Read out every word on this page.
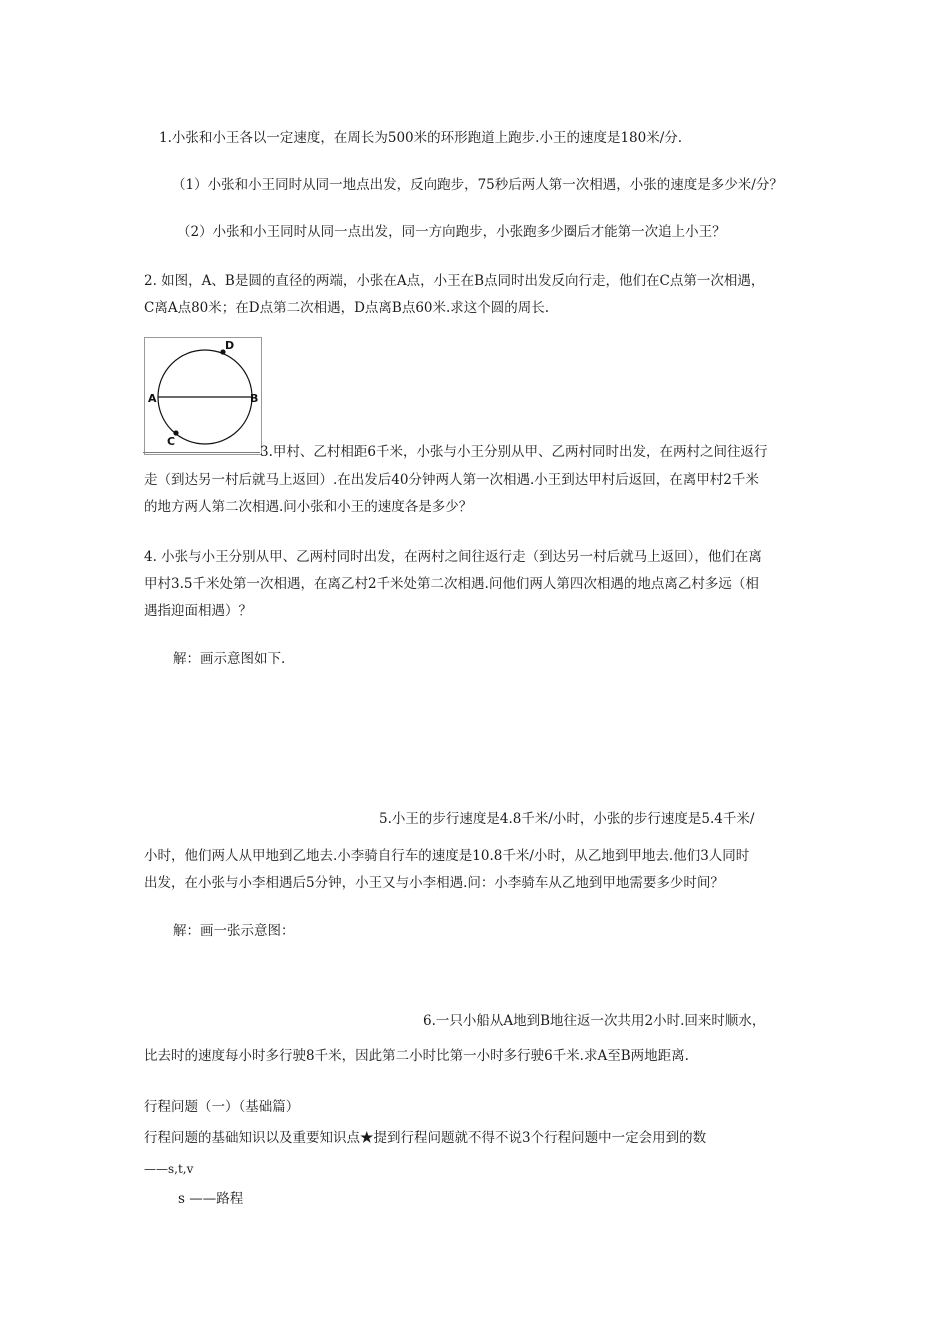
1.小张和小王各以一定速度，在周长为500米的环形跑道上跑步.小王的速度是180米/分.
（1）小张和小王同时从同一地点出发，反向跑步，75秒后两人第一次相遇，小张的速度是多少米/分？
（2）小张和小王同时从同一点出发，同一方向跑步，小张跑多少圈后才能第一次追上小王？
2. 如图，A、B是圆的直径的两端，小张在A点，小王在B点同时出发反向行走，他们在C点第一次相遇，
C离A点80米；在D点第二次相遇，D点离B点60米.求这个圆的周长.
A	B
D
C
3.甲村、乙村相距6千米，小张与小王分别从甲、乙两村同时出发，在两村之间往返行
走（到达另一村后就马上返回）.在出发后40分钟两人第一次相遇.小王到达甲村后返回，在离甲村2千米
的地方两人第二次相遇.问小张和小王的速度各是多少？
4. 小张与小王分别从甲、乙两村同时出发，在两村之间往返行走（到达另一村后就马上返回），他们在离
甲村3.5千米处第一次相遇，在离乙村2千米处第二次相遇.问他们两人第四次相遇的地点离乙村多远（相
遇指迎面相遇）？
解：画示意图如下.
5.小王的步行速度是4.8千米/小时，小张的步行速度是5.4千米/
小时，他们两人从甲地到乙地去.小李骑自行车的速度是10.8千米/小时，从乙地到甲地去.他们3人同时
出发，在小张与小李相遇后5分钟，小王又与小李相遇.问：小李骑车从乙地到甲地需要多少时间？
解：画一张示意图：
6.一只小船从A地到B地往返一次共用2小时.回来时顺水，
比去时的速度每小时多行驶8千米，因此第二小时比第一小时多行驶6千米.求A至B两地距离.
行程问题（一）（基础篇）
行程问题的基础知识以及重要知识点★提到行程问题就不得不说3个行程问题中一定会用到的数
——s,t,v
s ——路程
